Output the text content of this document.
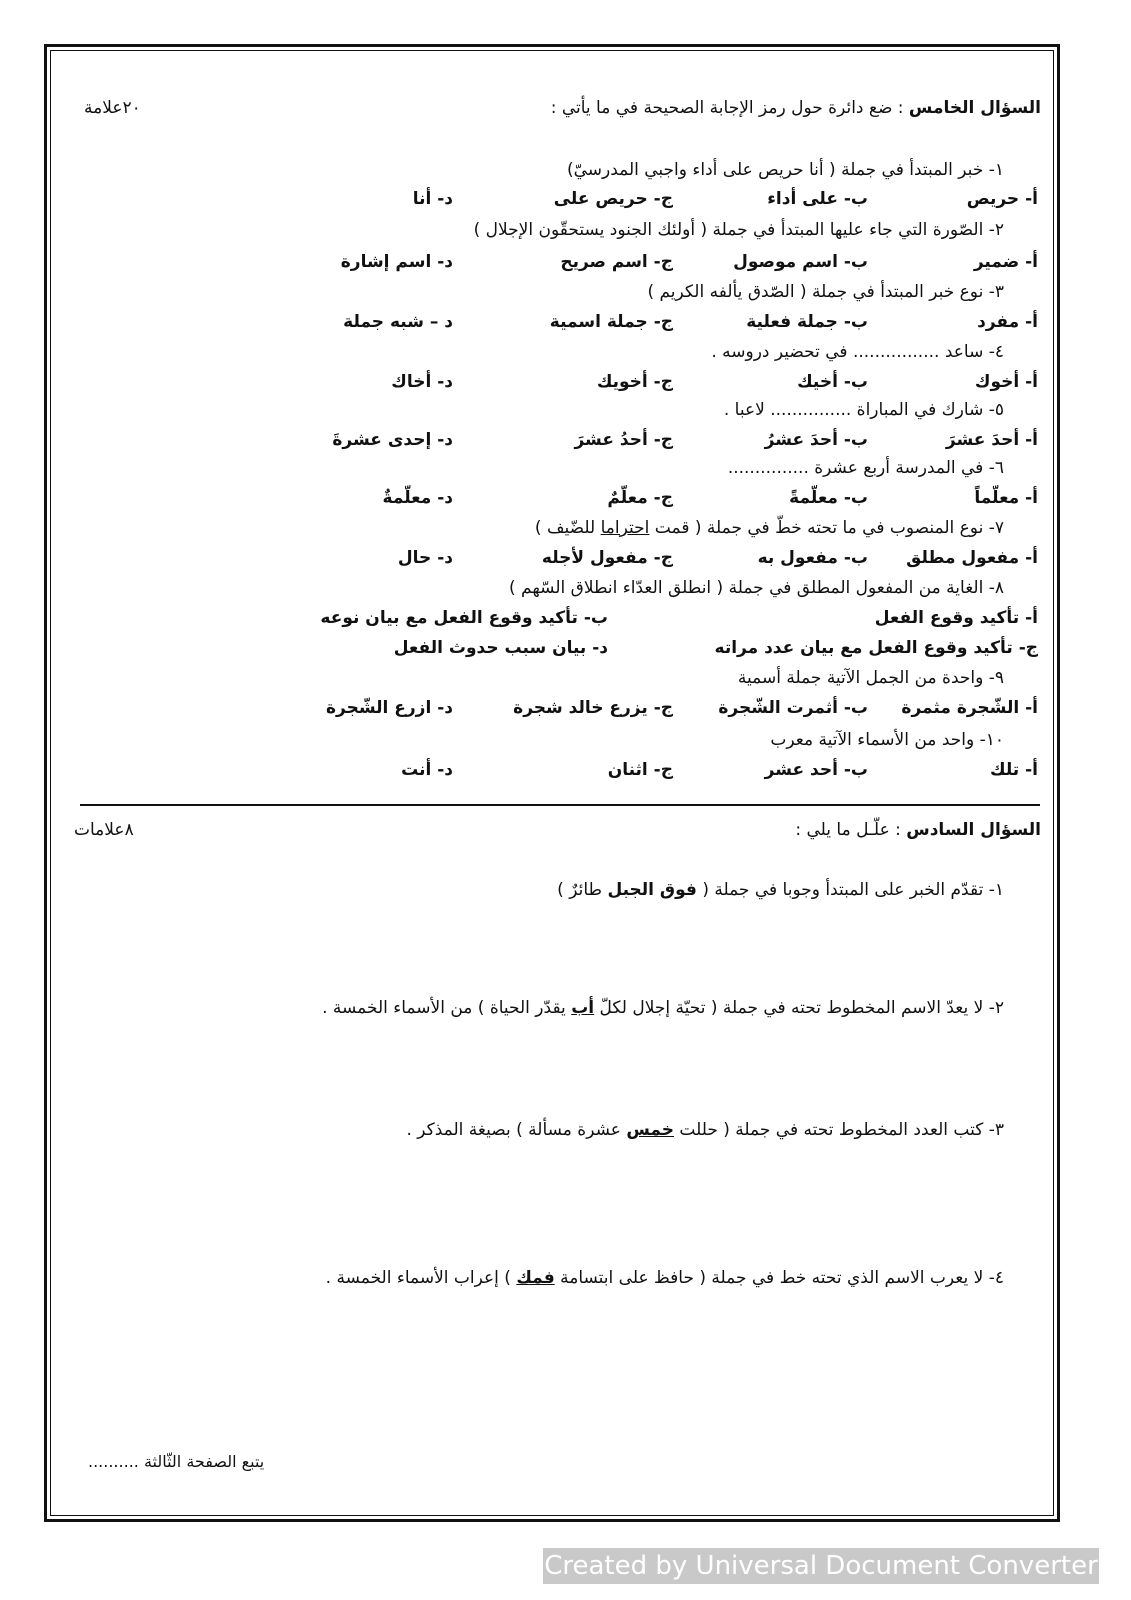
السؤال الخامس : ضع دائرة حول رمز الإجابة الصحيحة في ما يأتي :
٢٠علامة
١- خبر المبتدأ في جملة ( أنا حريص على أداء واجبي المدرسيّ)
أ- حريص
ب- على أداء
ج- حريص على
د- أنا
٢- الصّورة التي جاء عليها المبتدأ في جملة ( أولئك الجنود يستحقّون الإجلال )
أ- ضمير
ب- اسم موصول
ج- اسم صريح
د- اسم إشارة
٣- نوع خبر المبتدأ في جملة ( الصّدق يألفه الكريم )
أ- مفرد
ب- جملة فعلية
ج- جملة اسمية
د – شبه جملة
٤- ساعد ................ في تحضير دروسه .
أ- أخوك
ب- أخيك
ج- أخويك
د- أخاك
٥- شارك في المباراة ............... لاعبا .
أ- أحدَ عشرَ
ب- أحدَ عشرُ
ج- أحدُ عشرَ
د- إحدى عشرةَ
٦- في المدرسة أربع عشرة ...............
أ- معلّماً
ب- معلّمةً
ج- معلّمٌ
د- معلّمةٌ
٧- نوع المنصوب في ما تحته خطّ في جملة ( قمت احتراما للضّيف )
أ- مفعول مطلق
ب- مفعول به
ج- مفعول لأجله
د- حال
٨- الغاية من المفعول المطلق في جملة ( انطلق العدّاء انطلاق السّهم )
أ- تأكيد وقوع الفعل
ب- تأكيد وقوع الفعل مع بيان نوعه
ج- تأكيد وقوع الفعل مع بيان عدد مراته
د- بيان سبب حدوث الفعل
٩- واحدة من الجمل الآتية جملة أسمية
أ- الشّجرة مثمرة
ب- أثمرت الشّجرة
ج- يزرع خالد شجرة
د- ازرع الشّجرة
١٠- واحد من الأسماء الآتية معرب
أ- تلك
ب- أحد عشر
ج- اثنان
د- أنت
السؤال السادس : علّـل ما يلي :
٨علامات
١- تقدّم الخبر على المبتدأ وجوبا في جملة ( فوق الجبل طائرٌ )
٢- لا يعدّ الاسم المخطوط تحته في جملة ( تحيّة إجلال لكلّ أب يقدّر الحياة ) من الأسماء الخمسة .
٣- كتب العدد المخطوط تحته في جملة ( حللت خمس عشرة مسألة ) بصيغة المذكر .
٤- لا يعرب الاسم الذي تحته خط في جملة ( حافظ على ابتسامة فمك ) إعراب الأسماء الخمسة .
يتبع الصفحة الثّالثة ..........
Created by Universal Document Converter
